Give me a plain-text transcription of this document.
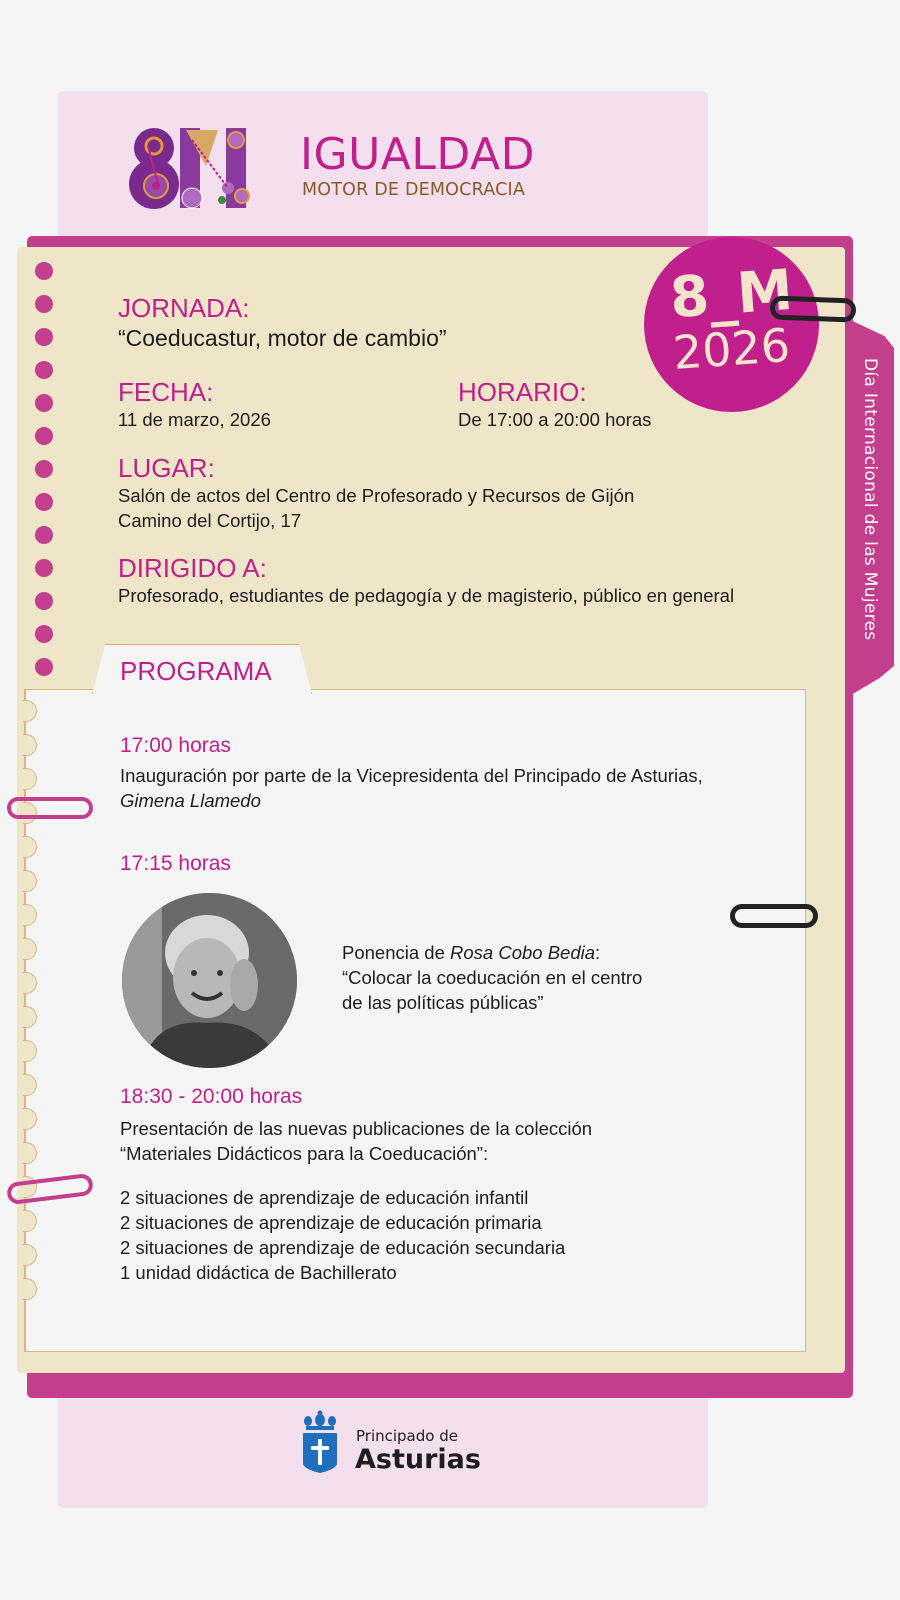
IGUALDAD
MOTOR DE DEMOCRACIA
Día Internacional de las Mujeres
8_M
2026
JORNADA:
“Coeducastur, motor de cambio”
FECHA:
11 de marzo, 2026
HORARIO:
De 17:00 a 20:00 horas
LUGAR:
Salón de actos del Centro de Profesorado y Recursos de Gijón
Camino del Cortijo, 17
DIRIGIDO A:
Profesorado, estudiantes de pedagogía y de magisterio, público en general
PROGRAMA
17:00 horas
Inauguración por parte de la Vicepresidenta del Principado de Asturias,
Gimena Llamedo
17:15 horas
Ponencia de Rosa Cobo Bedia:
“Colocar la coeducación en el centro
de las políticas públicas”
18:30 - 20:00 horas
Presentación de las nuevas publicaciones de la colección
“Materiales Didácticos para la Coeducación”:
2 situaciones de aprendizaje de educación infantil
2 situaciones de aprendizaje de educación primaria
2 situaciones de aprendizaje de educación secundaria
1 unidad didáctica de Bachillerato
Principado de
Asturias
